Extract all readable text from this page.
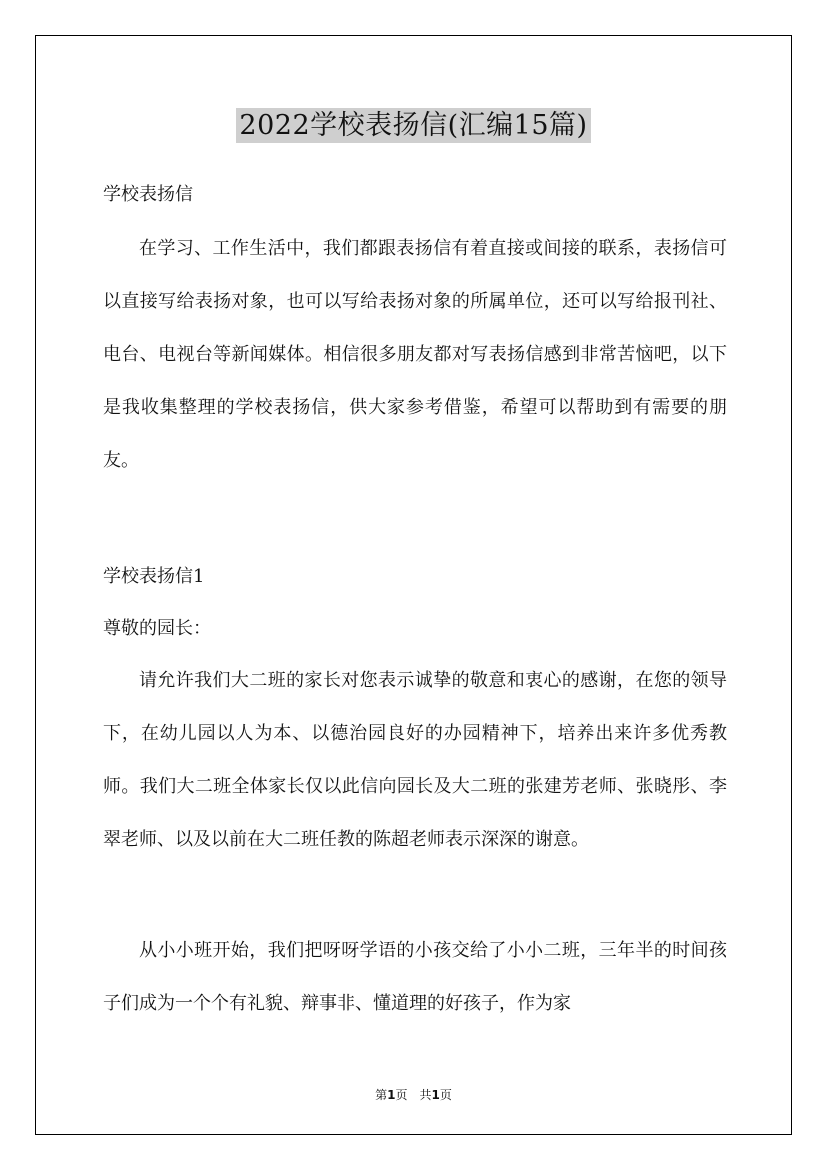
2022学校表扬信(汇编15篇)
学校表扬信

在学习、工作生活中，我们都跟表扬信有着直接或间接的联系，表扬信可以直接写给表扬对象，也可以写给表扬对象的所属单位，还可以写给报刊社、电台、电视台等新闻媒体。相信很多朋友都对写表扬信感到非常苦恼吧，以下是我收集整理的学校表扬信，供大家参考借鉴，希望可以帮助到有需要的朋友。

学校表扬信1
尊敬的园长：

请允许我们大二班的家长对您表示诚挚的敬意和衷心的感谢，在您的领导下，在幼儿园以人为本、以德治园良好的办园精神下，培养出来许多优秀教师。我们大二班全体家长仅以此信向园长及大二班的张建芳老师、张晓彤、李翠老师、以及以前在大二班任教的陈超老师表示深深的谢意。

从小小班开始，我们把呀呀学语的小孩交给了小小二班，三年半的时间孩子们成为一个个有礼貌、辩事非、懂道理的好孩子，作为家

第1页 共1页
